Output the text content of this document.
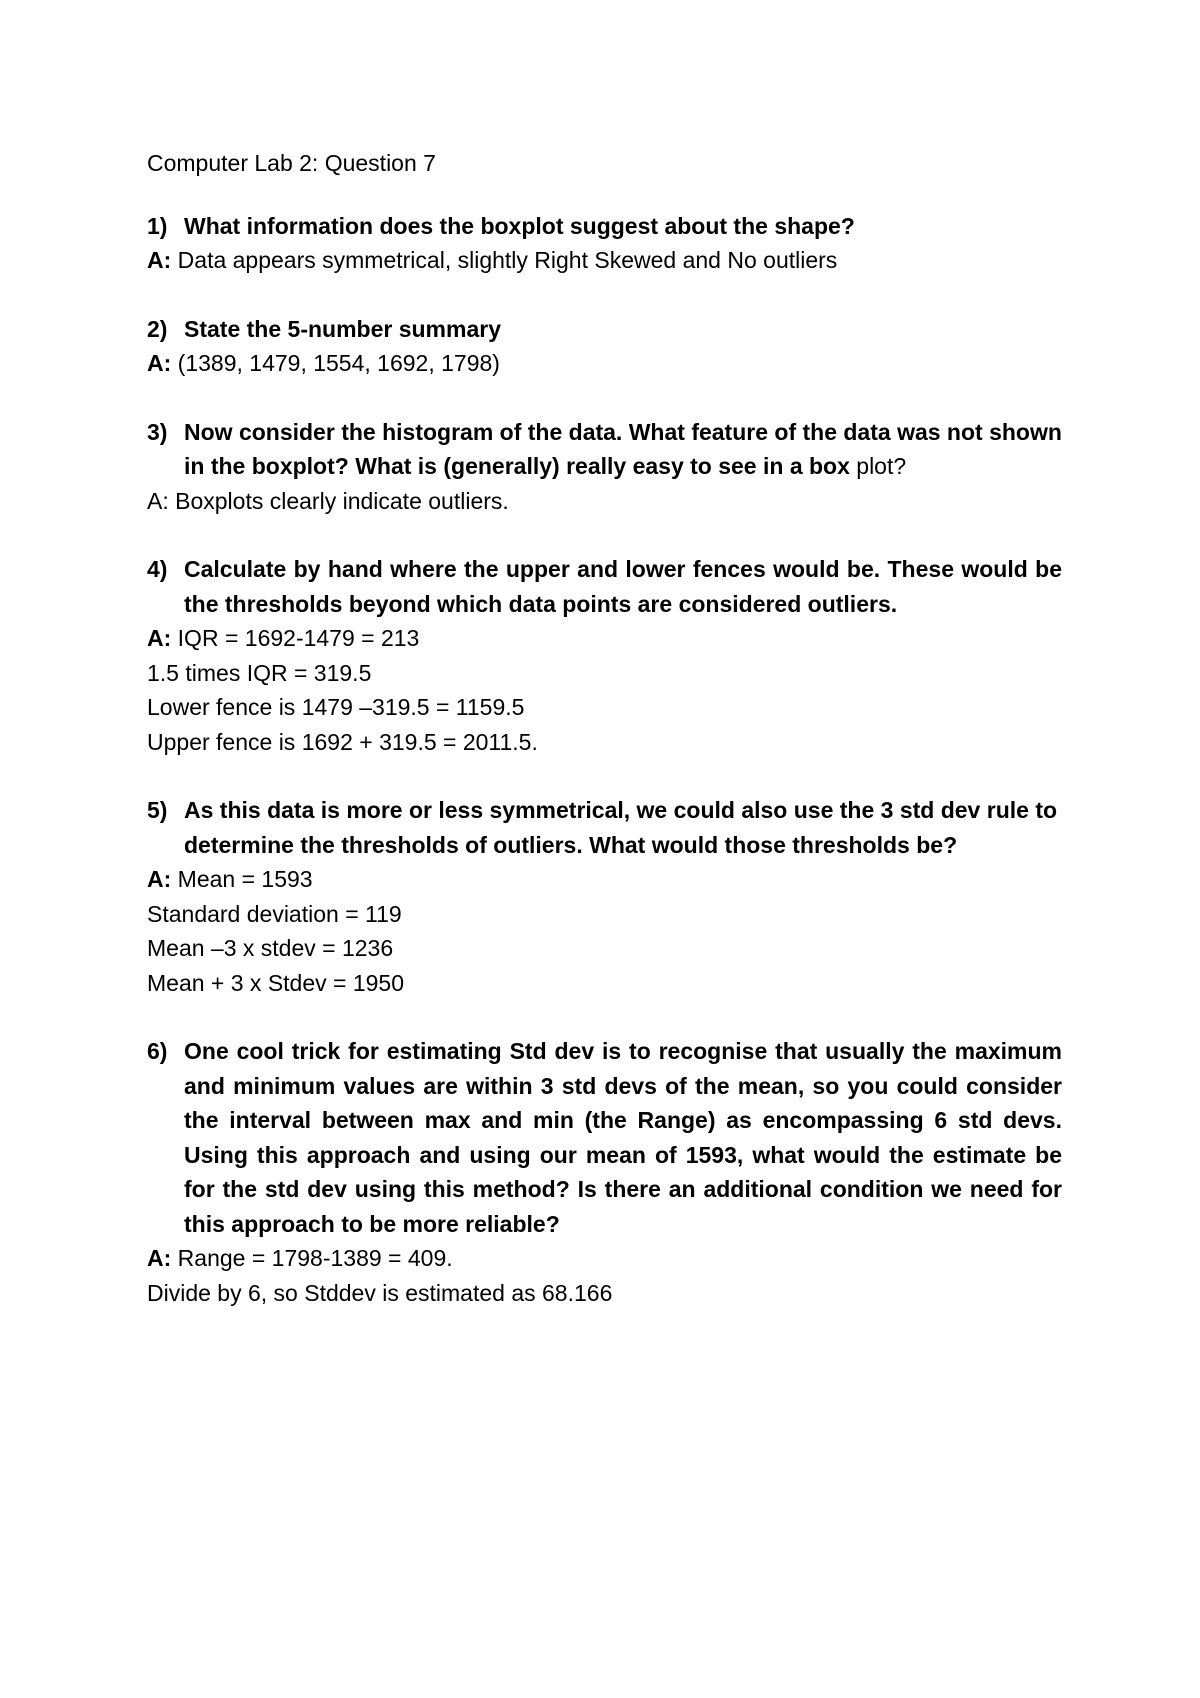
Computer Lab 2: Question 7
1) What information does the boxplot suggest about the shape?
A: Data appears symmetrical, slightly Right Skewed and No outliers
2) State the 5-number summary
A: (1389, 1479, 1554, 1692, 1798)
3) Now consider the histogram of the data. What feature of the data was not shown in the boxplot? What is (generally) really easy to see in a box plot?
A: Boxplots clearly indicate outliers.
4) Calculate by hand where the upper and lower fences would be. These would be the thresholds beyond which data points are considered outliers.
A: IQR = 1692-1479 = 213
1.5 times IQR = 319.5
Lower fence is 1479 –319.5 = 1159.5
Upper fence is 1692 + 319.5 = 2011.5.
5) As this data is more or less symmetrical, we could also use the 3 std dev rule to determine the thresholds of outliers. What would those thresholds be?
A: Mean = 1593
Standard deviation = 119
Mean –3 x stdev = 1236
Mean + 3 x Stdev = 1950
6) One cool trick for estimating Std dev is to recognise that usually the maximum and minimum values are within 3 std devs of the mean, so you could consider the interval between max and min (the Range) as encompassing 6 std devs. Using this approach and using our mean of 1593, what would the estimate be for the std dev using this method? Is there an additional condition we need for this approach to be more reliable?
A: Range = 1798-1389 = 409.
Divide by 6, so Stddev is estimated as 68.166
